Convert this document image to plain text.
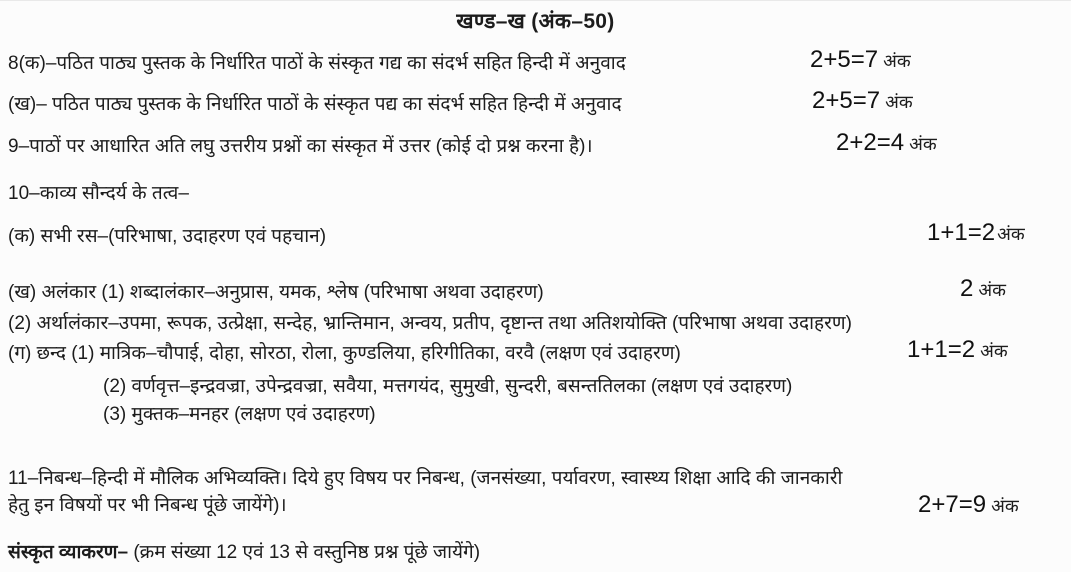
खण्ड–ख (अंक–50)
8(क)–पठित पाठ्य पुस्तक के निर्धारित पाठों के संस्कृत गद्य का संदर्भ सहित हिन्दी में अनुवाद	2+5=7 अंक
(ख)– पठित पाठ्य पुस्तक के निर्धारित पाठों के संस्कृत पद्य का संदर्भ सहित हिन्दी में अनुवाद	2+5=7 अंक
9–पाठों पर आधारित अति लघु उत्तरीय प्रश्नों का संस्कृत में उत्तर (कोई दो प्रश्न करना है)।	2+2=4 अंक
10–काव्य सौन्दर्य के तत्व–
(क) सभी रस–(परिभाषा, उदाहरण एवं पहचान)	1+1=2 अंक
(ख) अलंकार (1) शब्दालंकार–अनुप्रास, यमक, श्लेष (परिभाषा अथवा उदाहरण)	2 अंक
(2) अर्थालंकार–उपमा, रूपक, उत्प्रेक्षा, सन्देह, भ्रान्तिमान, अन्वय, प्रतीप, दृष्टान्त तथा अतिशयोक्ति (परिभाषा अथवा उदाहरण)
(ग) छन्द (1) मात्रिक–चौपाई, दोहा, सोरठा, रोला, कुण्डलिया, हरिगीतिका, वरवै (लक्षण एवं उदाहरण)	1+1=2 अंक
(2) वर्णवृत्त–इन्द्रवज्रा, उपेन्द्रवज्रा, सवैया, मत्तगयंद, सुमुखी, सुन्दरी, बसन्ततिलका (लक्षण एवं उदाहरण)
(3) मुक्तक–मनहर (लक्षण एवं उदाहरण)
11–निबन्ध–हिन्दी में मौलिक अभिव्यक्ति। दिये हुए विषय पर निबन्ध, (जनसंख्या, पर्यावरण, स्वास्थ्य शिक्षा आदि की जानकारी
हेतु इन विषयों पर भी निबन्ध पूंछे जायेंगे)।	2+7=9 अंक
संस्कृत व्याकरण– (क्रम संख्या 12 एवं 13 से वस्तुनिष्ठ प्रश्न पूंछे जायेंगे)
